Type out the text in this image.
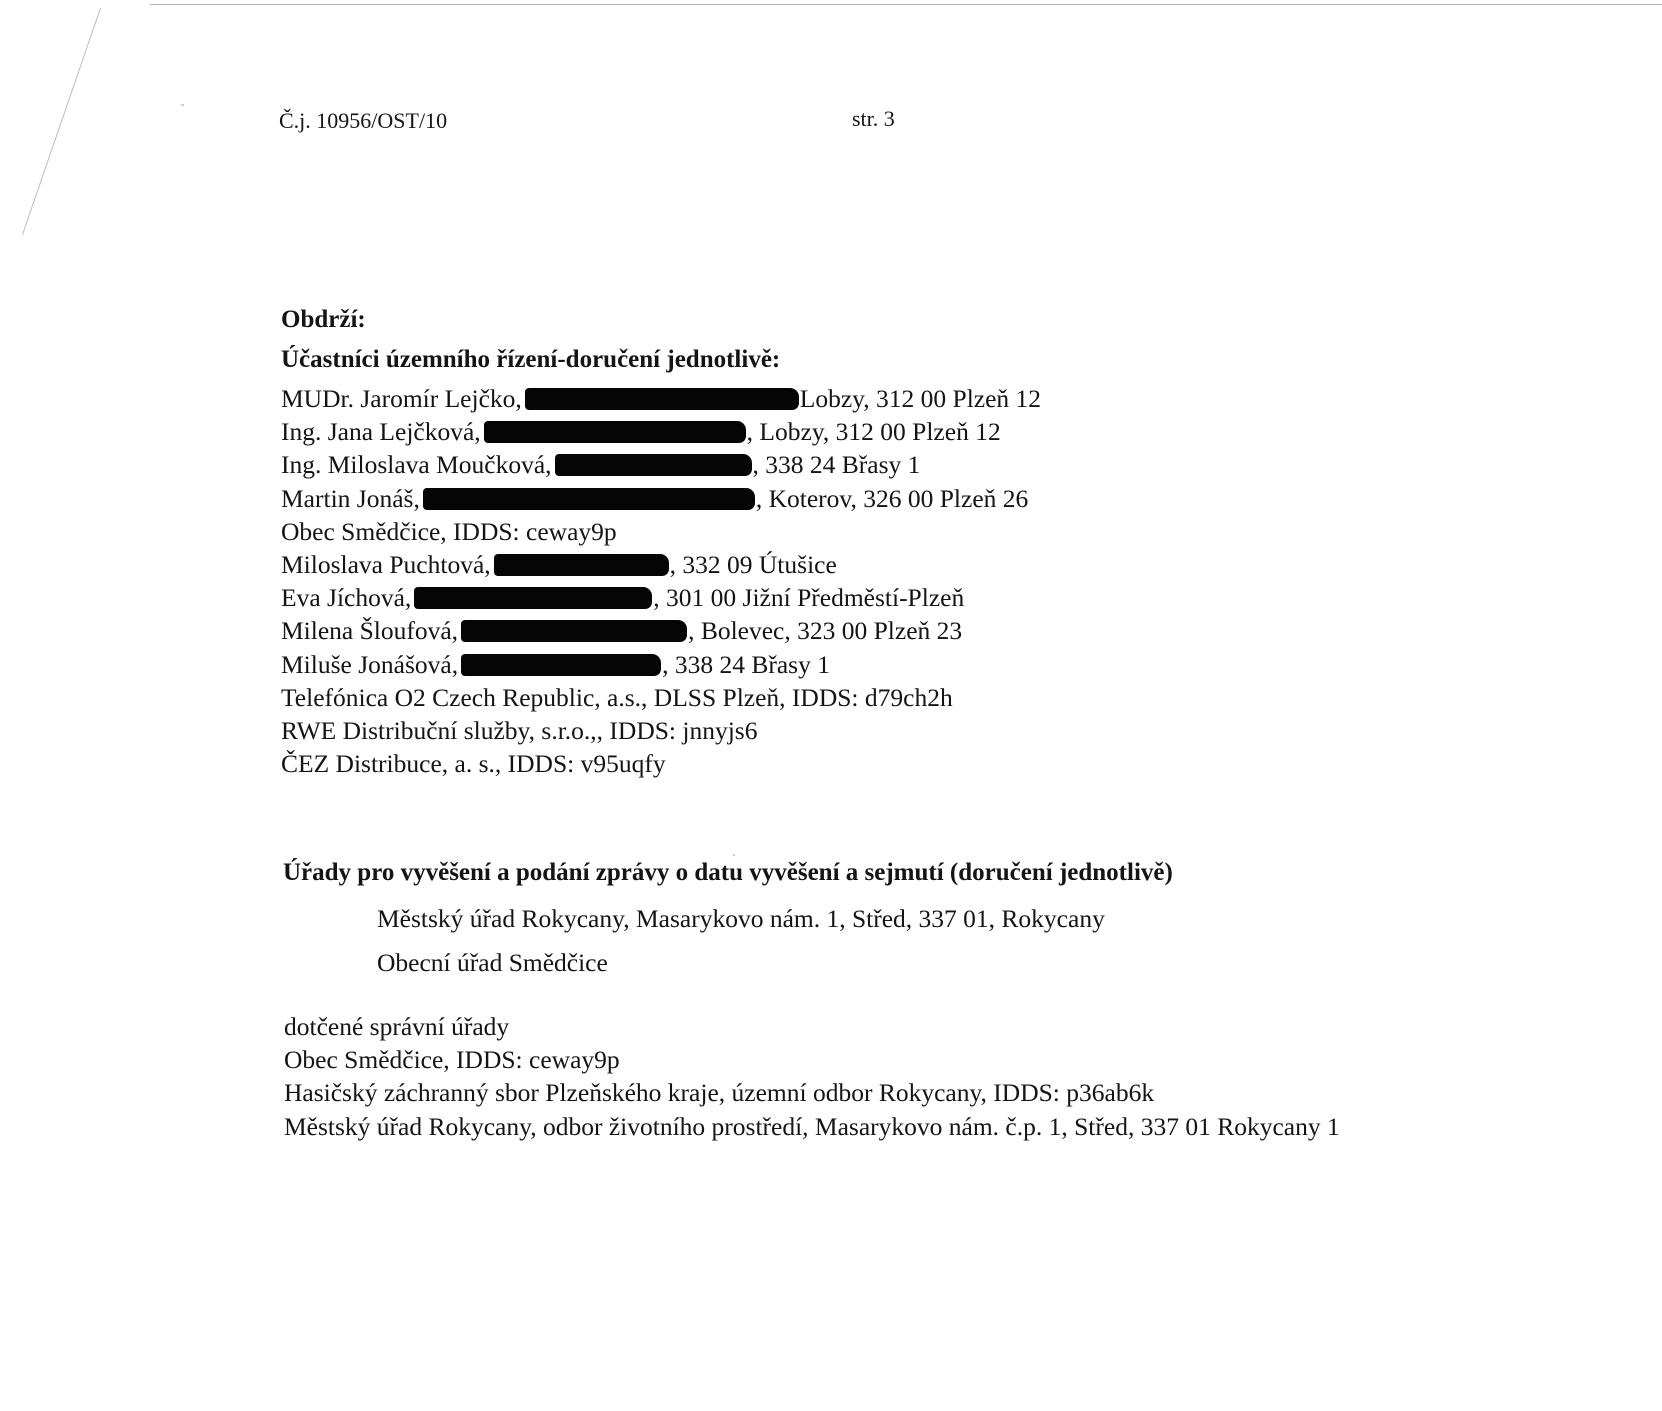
Č.j. 10956/OST/10	str. 3
Obdrží:
Účastníci územního řízení-doručení jednotlivě:
MUDr. Jaromír Lejčko,	Lobzy, 312 00 Plzeň 12
Ing. Jana Lejčková,	, Lobzy, 312 00 Plzeň 12
Ing. Miloslava Moučková,	, 338 24 Břasy 1
Martin Jonáš,	, Koterov, 326 00 Plzeň 26
Obec Smědčice, IDDS: ceway9p
Miloslava Puchtová,	, 332 09 Útušice
Eva Jíchová,	, 301 00 Jižní Předměstí-Plzeň
Milena Šloufová,	, Bolevec, 323 00 Plzeň 23
Miluše Jonášová,	, 338 24 Břasy 1
Telefónica O2 Czech Republic, a.s., DLSS Plzeň, IDDS: d79ch2h
RWE Distribuční služby, s.r.o.,, IDDS: jnnyjs6
ČEZ Distribuce, a. s., IDDS: v95uqfy
Úřady pro vyvěšení a podání zprávy o datu vyvěšení a sejmutí (doručení jednotlivě)
Městský úřad Rokycany, Masarykovo nám. 1, Střed, 337 01, Rokycany
Obecní úřad Smědčice
dotčené správní úřady
Obec Smědčice, IDDS: ceway9p
Hasičský záchranný sbor Plzeňského kraje, územní odbor Rokycany, IDDS: p36ab6k
Městský úřad Rokycany, odbor životního prostředí, Masarykovo nám. č.p. 1, Střed, 337 01 Rokycany 1
